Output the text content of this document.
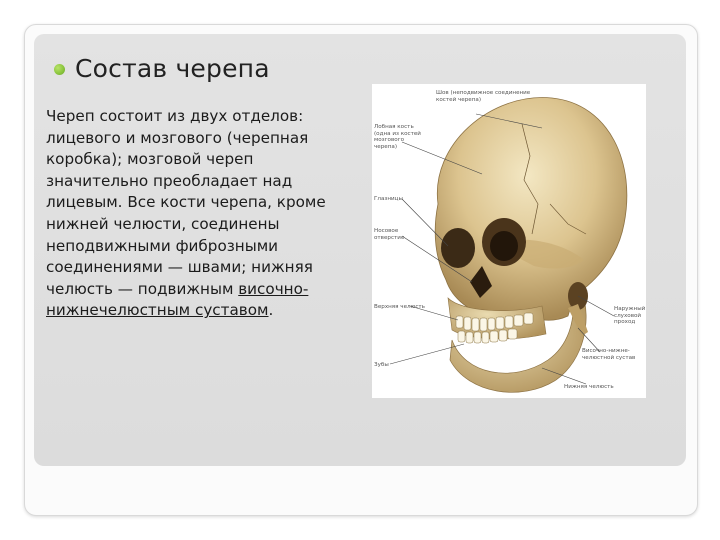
Состав черепа
Череп состоит из двух отделов: лицевого и мозгового (черепная коробка); мозговой череп значительно преобладает над лицевым. Все кости черепа, кроме нижней челюсти, соединены неподвижными фиброзными соединениями — швами; нижняя челюсть — подвижным височно-нижнечелюстным суставом.
Шов (неподвижное соединение
костей черепа)
Лобная кость
(одна из костей
мозгового
черепа)
Глазницы
Носовое
отверстие
Верхняя челюсть
Зубы
Наружный
слуховой
проход
Височно-нижне-
челюстной сустав
Нижняя челюсть
